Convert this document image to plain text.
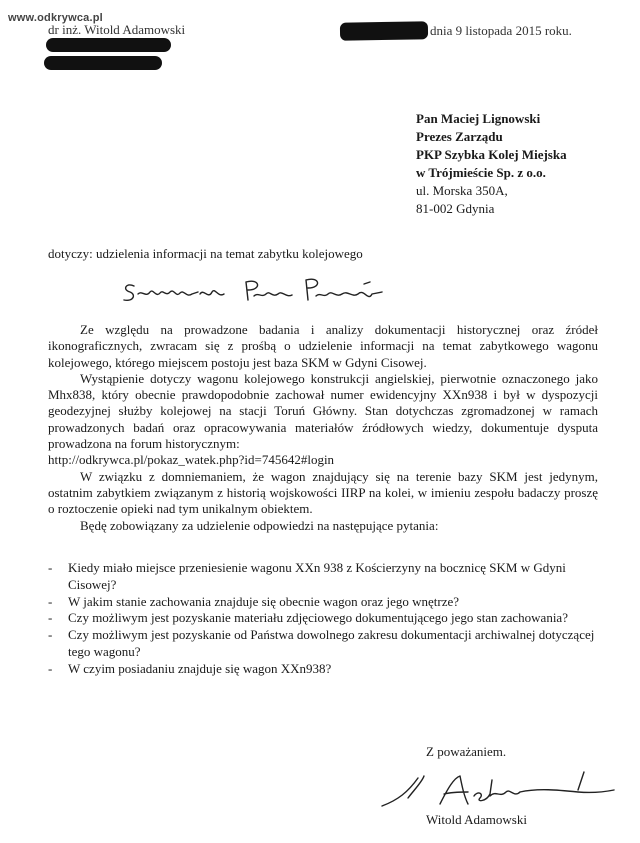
www.odkrywca.pl
dr inż. Witold Adamowski	dnia 9 listopada 2015 roku.
Pan Maciej Lignowski
Prezes Zarządu
PKP Szybka Kolej Miejska
w Trójmieście Sp. z o.o.
ul. Morska 350A,
81-002 Gdynia
dotyczy: udzielenia informacji na temat zabytku kolejowego

Ze względu na prowadzone badania i analizy dokumentacji historycznej oraz źródeł ikonograficznych, zwracam się z prośbą o udzielenie informacji na temat zabytkowego wagonu kolejowego, którego miejscem postoju jest baza SKM w Gdyni Cisowej.

Wystąpienie dotyczy wagonu kolejowego konstrukcji angielskiej, pierwotnie oznaczonego jako Mhx838, który obecnie prawdopodobnie zachował numer ewidencyjny XXn938 i był w dyspozycji geodezyjnej służby kolejowej na stacji Toruń Główny. Stan dotychczas zgromadzonej w ramach prowadzonych badań oraz opracowywania materiałów źródłowych wiedzy, dokumentuje dysputa prowadzona na forum historycznym:

http://odkrywca.pl/pokaz_watek.php?id=745642#login

W związku z domniemaniem, że wagon znajdujący się na terenie bazy SKM jest jedynym, ostatnim zabytkiem związanym z historią wojskowości IIRP na kolei, w imieniu zespołu badaczy proszę o roztoczenie opieki nad tym unikalnym obiektem.

Będę zobowiązany za udzielenie odpowiedzi na następujące pytania:

- Kiedy miało miejsce przeniesienie wagonu XXn 938 z Kościerzyny na bocznicę SKM w Gdyni Cisowej?
- W jakim stanie zachowania znajduje się obecnie wagon oraz jego wnętrze?
- Czy możliwym jest pozyskanie materiału zdjęciowego dokumentującego jego stan zachowania?
- Czy możliwym jest pozyskanie od Państwa dowolnego zakresu dokumentacji archiwalnej dotyczącej tego wagonu?
- W czyim posiadaniu znajduje się wagon XXn938?
Z poważaniem.
Witold Adamowski
